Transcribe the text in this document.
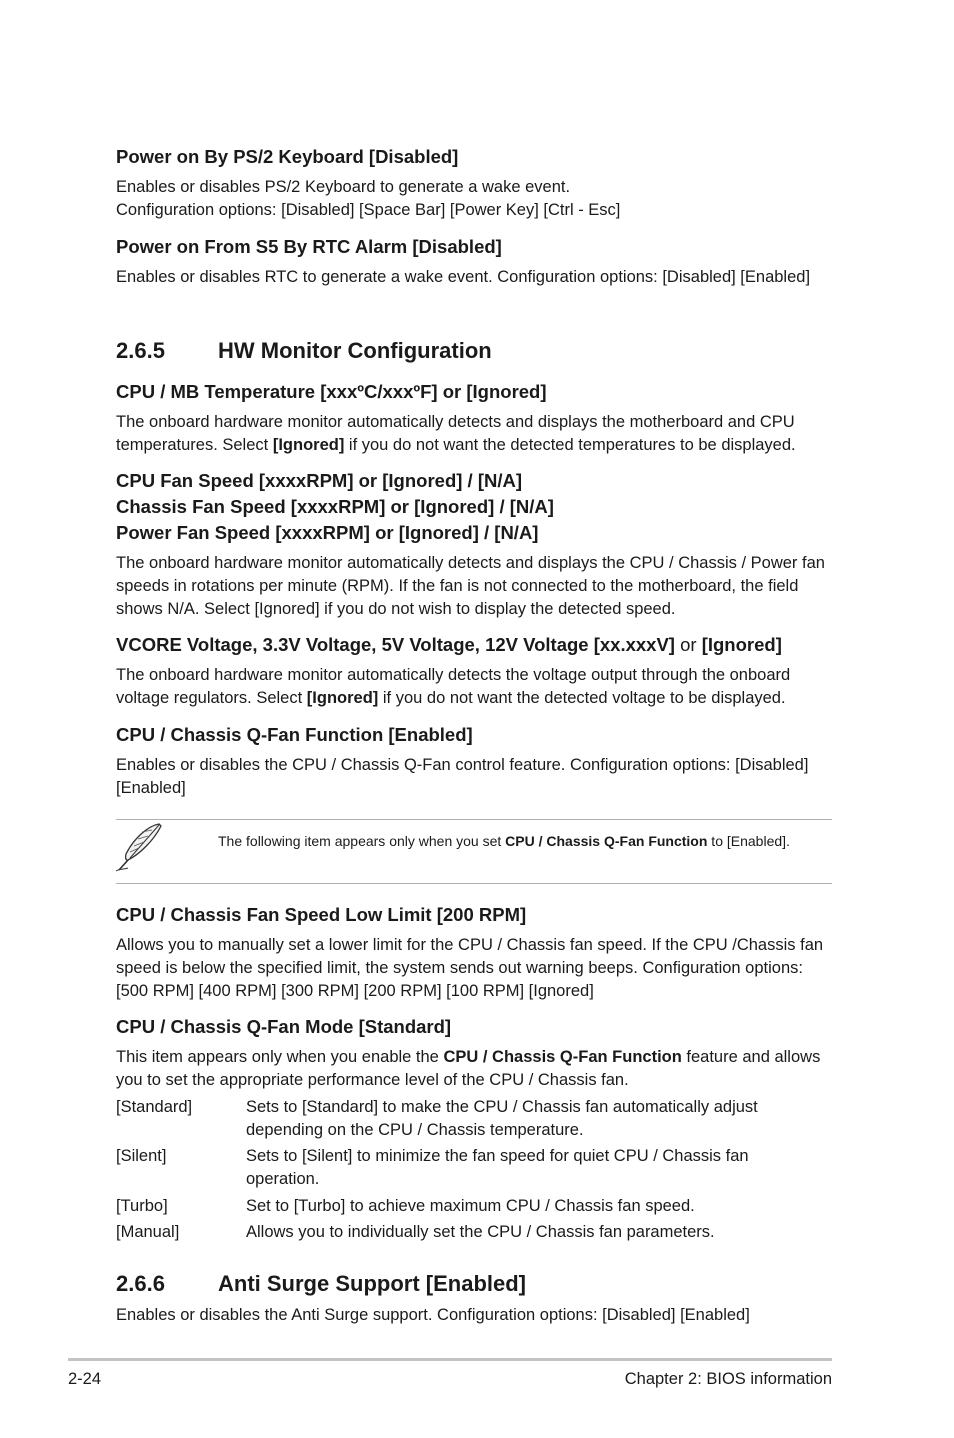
Power on By PS/2 Keyboard [Disabled]
Enables or disables PS/2 Keyboard to generate a wake event.
Configuration options: [Disabled] [Space Bar] [Power Key] [Ctrl - Esc]
Power on From S5 By RTC Alarm [Disabled]
Enables or disables RTC to generate a wake event. Configuration options: [Disabled] [Enabled]
2.6.5 HW Monitor Configuration
CPU / MB Temperature [xxxºC/xxxºF] or [Ignored]
The onboard hardware monitor automatically detects and displays the motherboard and CPU temperatures. Select [Ignored] if you do not want the detected temperatures to be displayed.
CPU Fan Speed [xxxxRPM] or [Ignored] / [N/A]
Chassis Fan Speed [xxxxRPM] or [Ignored] / [N/A]
Power Fan Speed [xxxxRPM] or [Ignored] / [N/A]
The onboard hardware monitor automatically detects and displays the CPU / Chassis / Power fan speeds in rotations per minute (RPM). If the fan is not connected to the motherboard, the field shows N/A. Select [Ignored] if you do not wish to display the detected speed.
VCORE Voltage, 3.3V Voltage, 5V Voltage, 12V Voltage [xx.xxxV] or [Ignored]
The onboard hardware monitor automatically detects the voltage output through the onboard voltage regulators. Select [Ignored] if you do not want the detected voltage to be displayed.
CPU / Chassis Q-Fan Function [Enabled]
Enables or disables the CPU / Chassis Q-Fan control feature. Configuration options: [Disabled] [Enabled]
The following item appears only when you set CPU / Chassis Q-Fan Function to [Enabled].
CPU / Chassis Fan Speed Low Limit [200 RPM]
Allows you to manually set a lower limit for the CPU / Chassis fan speed. If the CPU /Chassis fan speed is below the specified limit, the system sends out warning beeps. Configuration options: [500 RPM] [400 RPM] [300 RPM] [200 RPM] [100 RPM] [Ignored]
CPU / Chassis Q-Fan Mode [Standard]
This item appears only when you enable the CPU / Chassis Q-Fan Function feature and allows you to set the appropriate performance level of the CPU / Chassis fan.
[Standard]	Sets to [Standard] to make the CPU / Chassis fan automatically adjust depending on the CPU / Chassis temperature.
[Silent]	Sets to [Silent] to minimize the fan speed for quiet CPU / Chassis fan operation.
[Turbo]	Set to [Turbo] to achieve maximum CPU / Chassis fan speed.
[Manual]	Allows you to individually set the CPU / Chassis fan parameters.
2.6.6 Anti Surge Support [Enabled]
Enables or disables the Anti Surge support. Configuration options: [Disabled] [Enabled]
2-24	Chapter 2: BIOS information
